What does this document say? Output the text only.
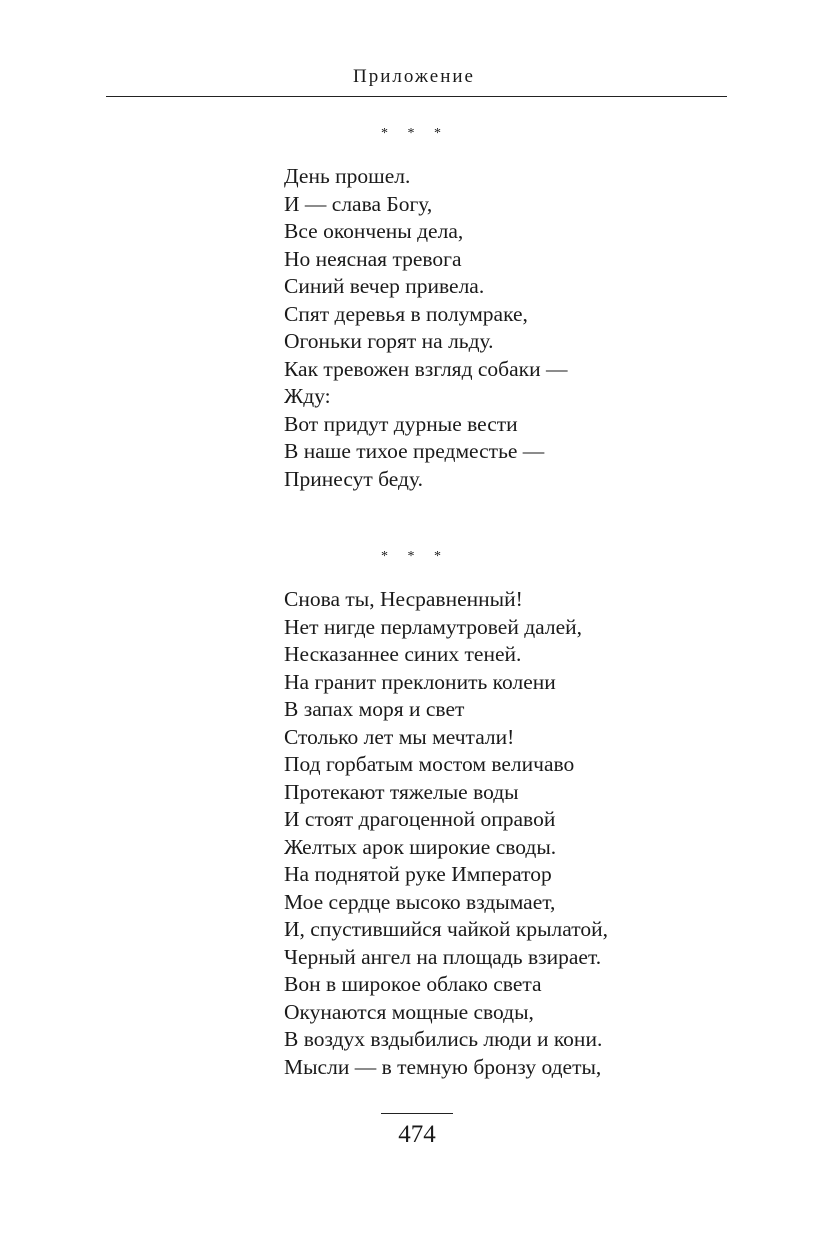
Приложение
* * *
День прошел.
И — слава Богу,
Все окончены дела,
Но неясная тревога
Синий вечер привела.
Спят деревья в полумраке,
Огоньки горят на льду.
Как тревожен взгляд собаки —
Жду:
Вот придут дурные вести
В наше тихое предместье —
Принесут беду.
* * *
Снова ты, Несравненный!
Нет нигде перламутровей далей,
Несказаннее синих теней.
На гранит преклонить колени
В запах моря и свет
Столько лет мы мечтали!
Под горбатым мостом величаво
Протекают тяжелые воды
И стоят драгоценной оправой
Желтых арок широкие своды.
На поднятой руке Император
Мое сердце высоко вздымает,
И, спустившийся чайкой крылатой,
Черный ангел на площадь взирает.
Вон в широкое облако света
Окунаются мощные своды,
В воздух вздыбились люди и кони.
Мысли — в темную бронзу одеты,
474
